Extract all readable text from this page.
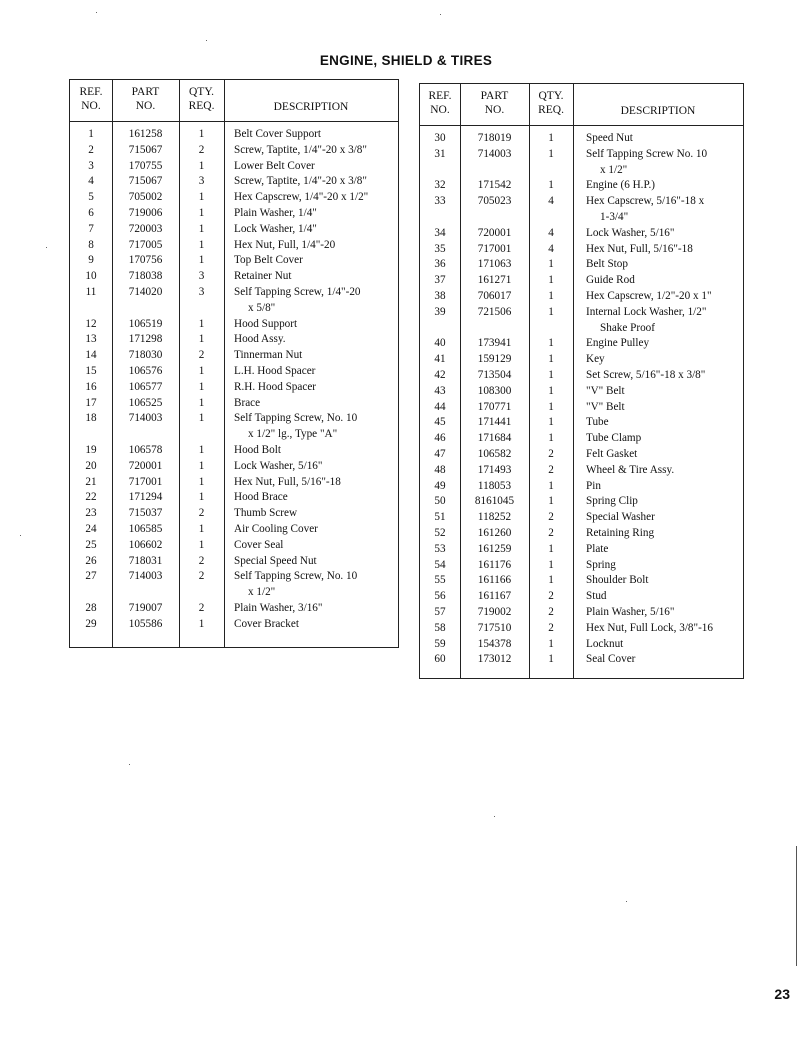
ENGINE, SHIELD & TIRES
REF.
NO.
PART
NO.
QTY.
REQ.	DESCRIPTION
1	161258	1	Belt Cover Support
2	715067	2	Screw, Taptite, 1/4"-20 x 3/8"
3	170755	1	Lower Belt Cover
4	715067	3	Screw, Taptite, 1/4"-20 x 3/8"
5	705002	1	Hex Capscrew, 1/4"-20 x 1/2"
6	719006	1	Plain Washer, 1/4"
7	720003	1	Lock Washer, 1/4"
8	717005	1	Hex Nut, Full, 1/4"-20
9	170756	1	Top Belt Cover
10	718038	3	Retainer Nut
11	714020	3	Self Tapping Screw, 1/4"-20
x 5/8"
12	106519	1	Hood Support
13	171298	1	Hood Assy.
14	718030	2	Tinnerman Nut
15	106576	1	L.H. Hood Spacer
16	106577	1	R.H. Hood Spacer
17	106525	1	Brace
18	714003	1	Self Tapping Screw, No. 10
x 1/2" lg., Type "A"
19	106578	1	Hood Bolt
20	720001	1	Lock Washer, 5/16"
21	717001	1	Hex Nut, Full, 5/16"-18
22	171294	1	Hood Brace
23	715037	2	Thumb Screw
24	106585	1	Air Cooling Cover
25	106602	1	Cover Seal
26	718031	2	Special Speed Nut
27	714003	2	Self Tapping Screw, No. 10
x 1/2"
28	719007	2	Plain Washer, 3/16"
29	105586	1	Cover Bracket
REF.
NO.
PART
NO.
QTY.
REQ.	DESCRIPTION
30	718019	1	Speed Nut
31	714003	1	Self Tapping Screw No. 10
x 1/2"
32	171542	1	Engine (6 H.P.)
33	705023	4	Hex Capscrew, 5/16"-18 x
1-3/4"
34	720001	4	Lock Washer, 5/16"
35	717001	4	Hex Nut, Full, 5/16"-18
36	171063	1	Belt Stop
37	161271	1	Guide Rod
38	706017	1	Hex Capscrew, 1/2"-20 x 1"
39	721506	1	Internal Lock Washer, 1/2"
Shake Proof
40	173941	1	Engine Pulley
41	159129	1	Key
42	713504	1	Set Screw, 5/16"-18 x 3/8"
43	108300	1	"V" Belt
44	170771	1	"V" Belt
45	171441	1	Tube
46	171684	1	Tube Clamp
47	106582	2	Felt Gasket
48	171493	2	Wheel & Tire Assy.
49	118053	1	Pin
50	8161045	1	Spring Clip
51	118252	2	Special Washer
52	161260	2	Retaining Ring
53	161259	1	Plate
54	161176	1	Spring
55	161166	1	Shoulder Bolt
56	161167	2	Stud
57	719002	2	Plain Washer, 5/16"
58	717510	2	Hex Nut, Full Lock, 3/8"-16
59	154378	1	Locknut
60	173012	1	Seal Cover
23
